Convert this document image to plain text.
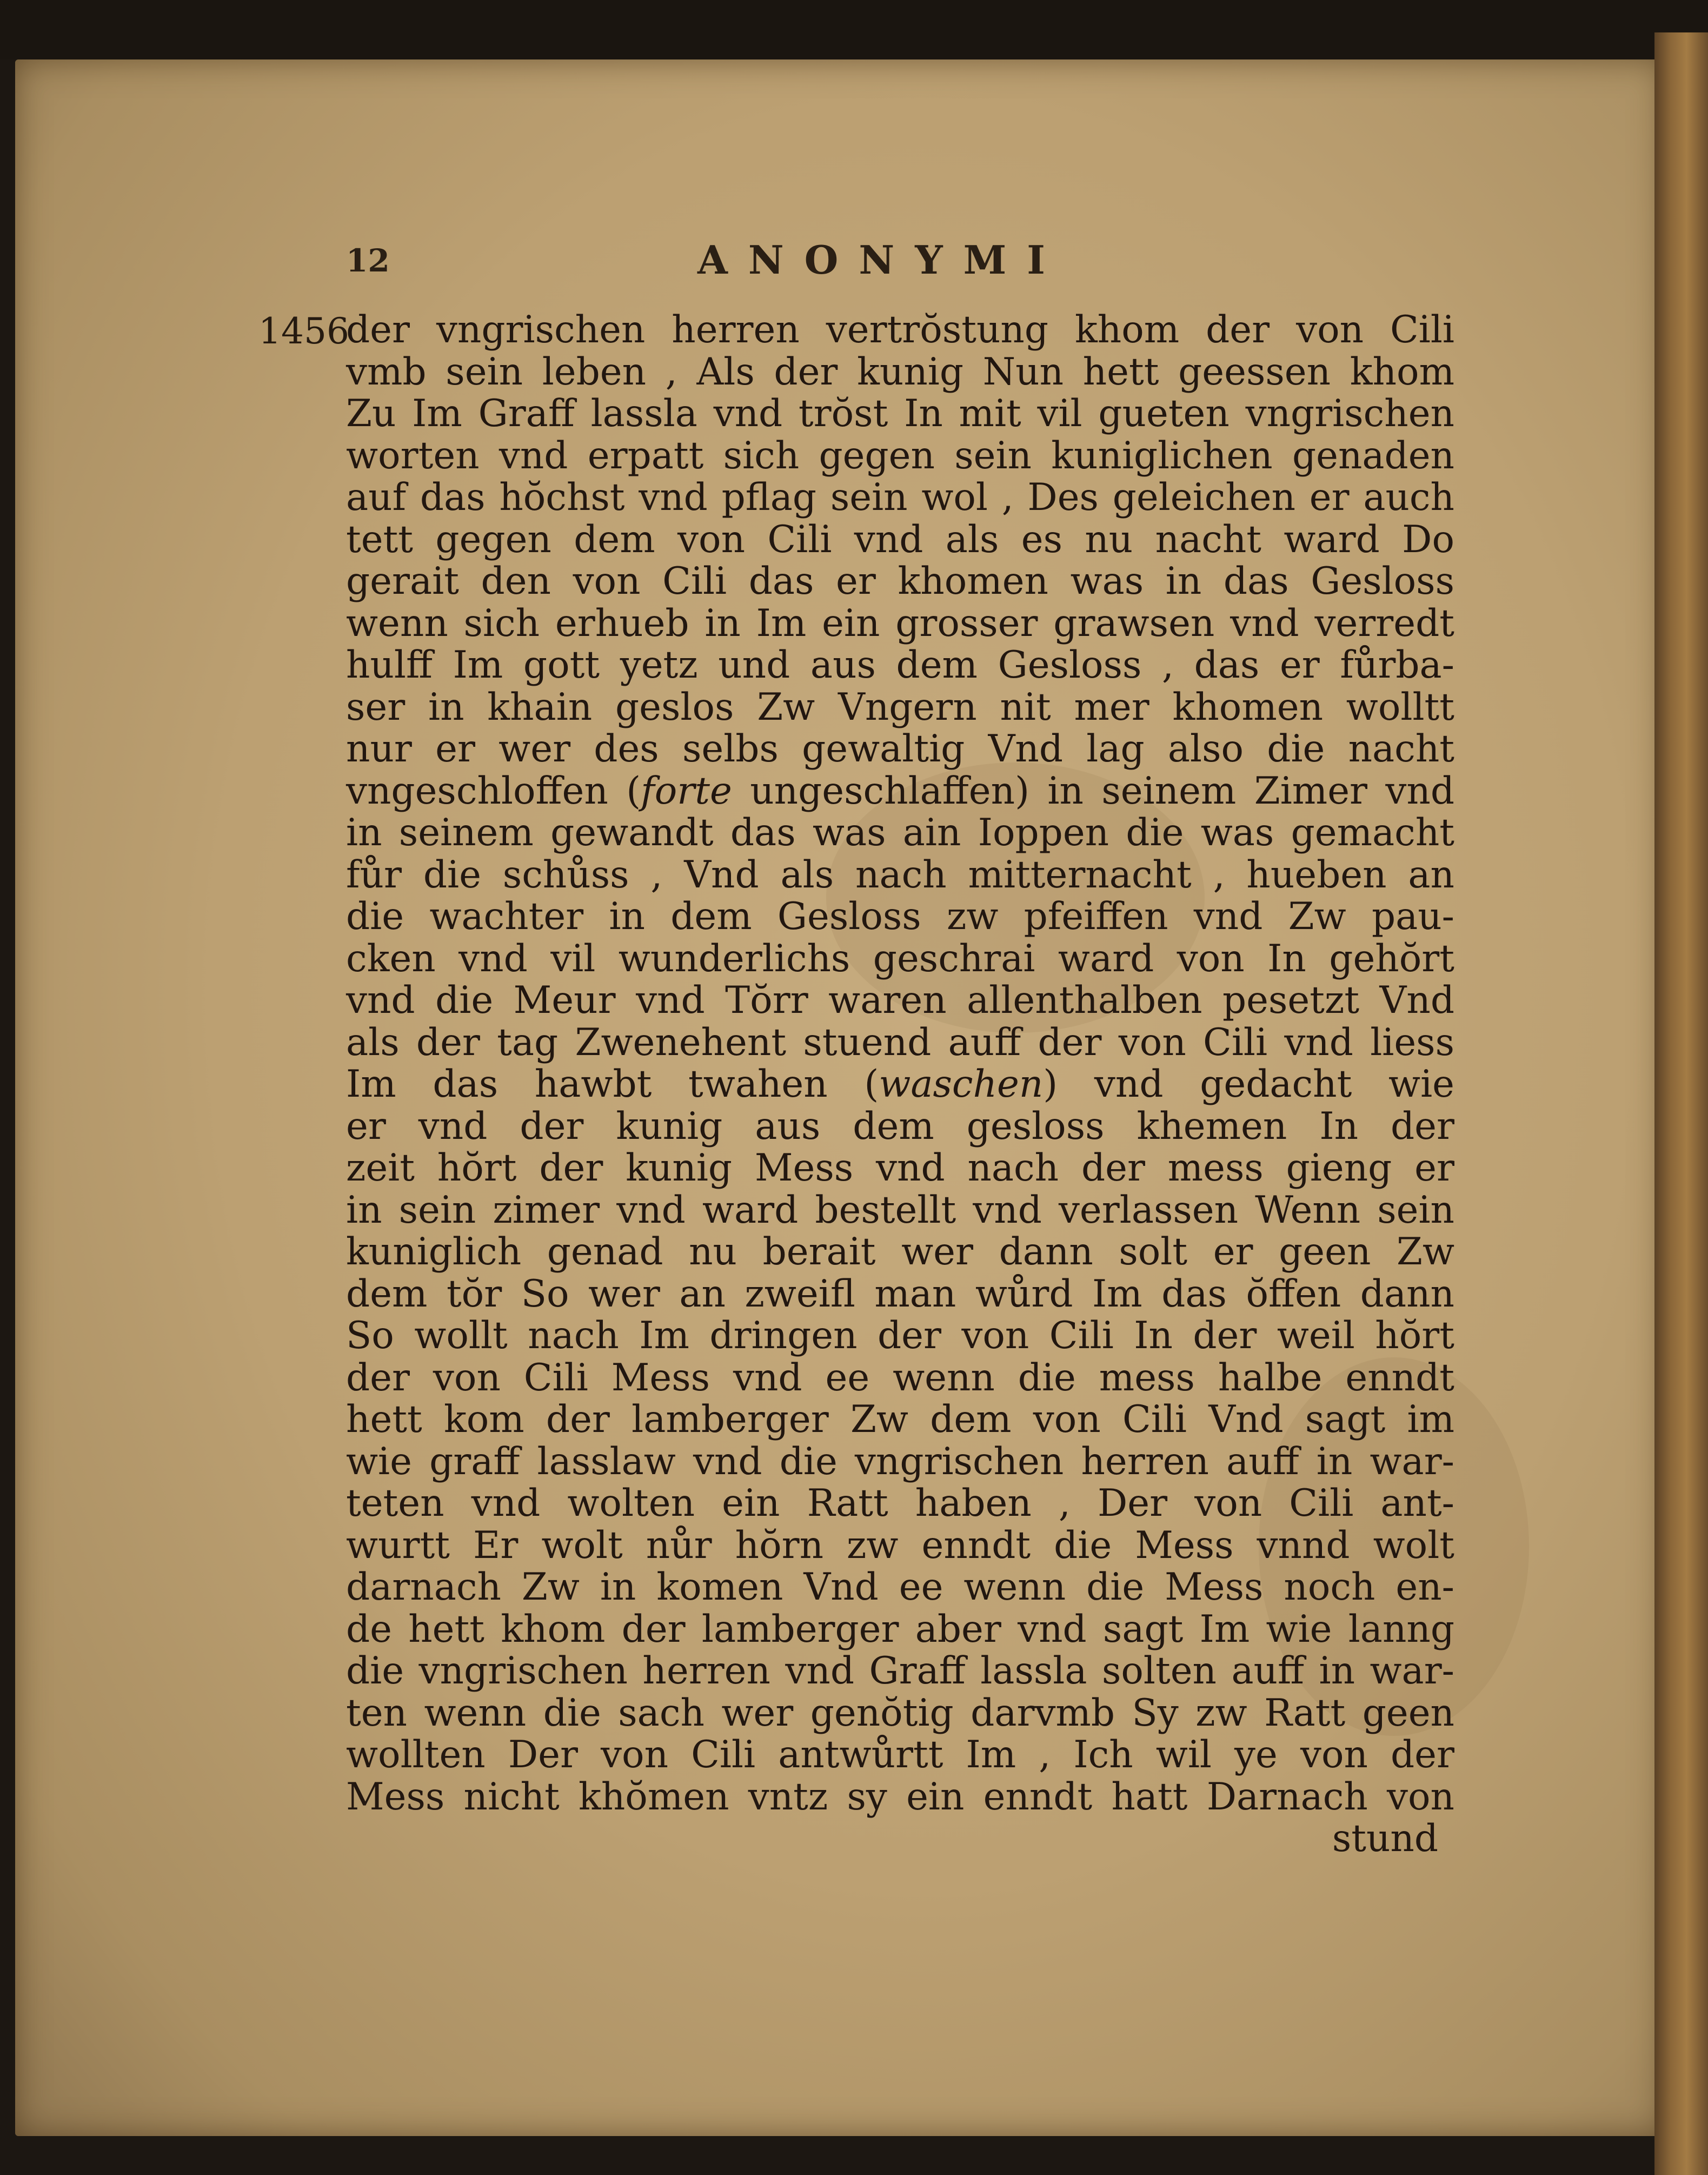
12	ANONYMI
1456
der vngrischen herren vertrŏstung khom der von Cili
vmb sein leben , Als der kunig Nun hett geessen khom
Zu Im Graff lassla vnd trŏst In mit vil gueten vngrischen
worten vnd erpatt sich gegen sein kuniglichen genaden
auf das hŏchst vnd pflag sein wol , Des geleichen er auch
tett gegen dem von Cili vnd als es nu nacht ward Do
gerait den von Cili das er khomen was in das Gesloss
wenn sich erhueb in Im ein grosser grawsen vnd verredt
hulff Im gott yetz und aus dem Gesloss , das er fůrba-
ser in khain geslos Zw Vngern nit mer khomen wolltt
nur er wer des selbs gewaltig Vnd lag also die nacht
vngeschloffen (forte ungeschlaffen) in seinem Zimer vnd
in seinem gewandt das was ain Ioppen die was gemacht
fůr die schůss , Vnd als nach mitternacht , hueben an
die wachter in dem Gesloss zw pfeiffen vnd Zw pau-
cken vnd vil wunderlichs geschrai ward von In gehŏrt
vnd die Meur vnd Tŏrr waren allenthalben pesetzt Vnd
als der tag Zwenehent stuend auff der von Cili vnd liess
Im das hawbt twahen (waschen) vnd gedacht wie
er vnd der kunig aus dem gesloss khemen In der
zeit hŏrt der kunig Mess vnd nach der mess gieng er
in sein zimer vnd ward bestellt vnd verlassen Wenn sein
kuniglich genad nu berait wer dann solt er geen Zw
dem tŏr So wer an zweifl man wůrd Im das ŏffen dann
So wollt nach Im dringen der von Cili In der weil hŏrt
der von Cili Mess vnd ee wenn die mess halbe enndt
hett kom der lamberger Zw dem von Cili Vnd sagt im
wie graff lasslaw vnd die vngrischen herren auff in war-
teten vnd wolten ein Ratt haben , Der von Cili ant-
wurtt Er wolt nůr hŏrn zw enndt die Mess vnnd wolt
darnach Zw in komen Vnd ee wenn die Mess noch en-
de hett khom der lamberger aber vnd sagt Im wie lanng
die vngrischen herren vnd Graff lassla solten auff in war-
ten wenn die sach wer genŏtig darvmb Sy zw Ratt geen
wollten Der von Cili antwůrtt Im , Ich wil ye von der
Mess nicht khŏmen vntz sy ein enndt hatt Darnach von
stund
